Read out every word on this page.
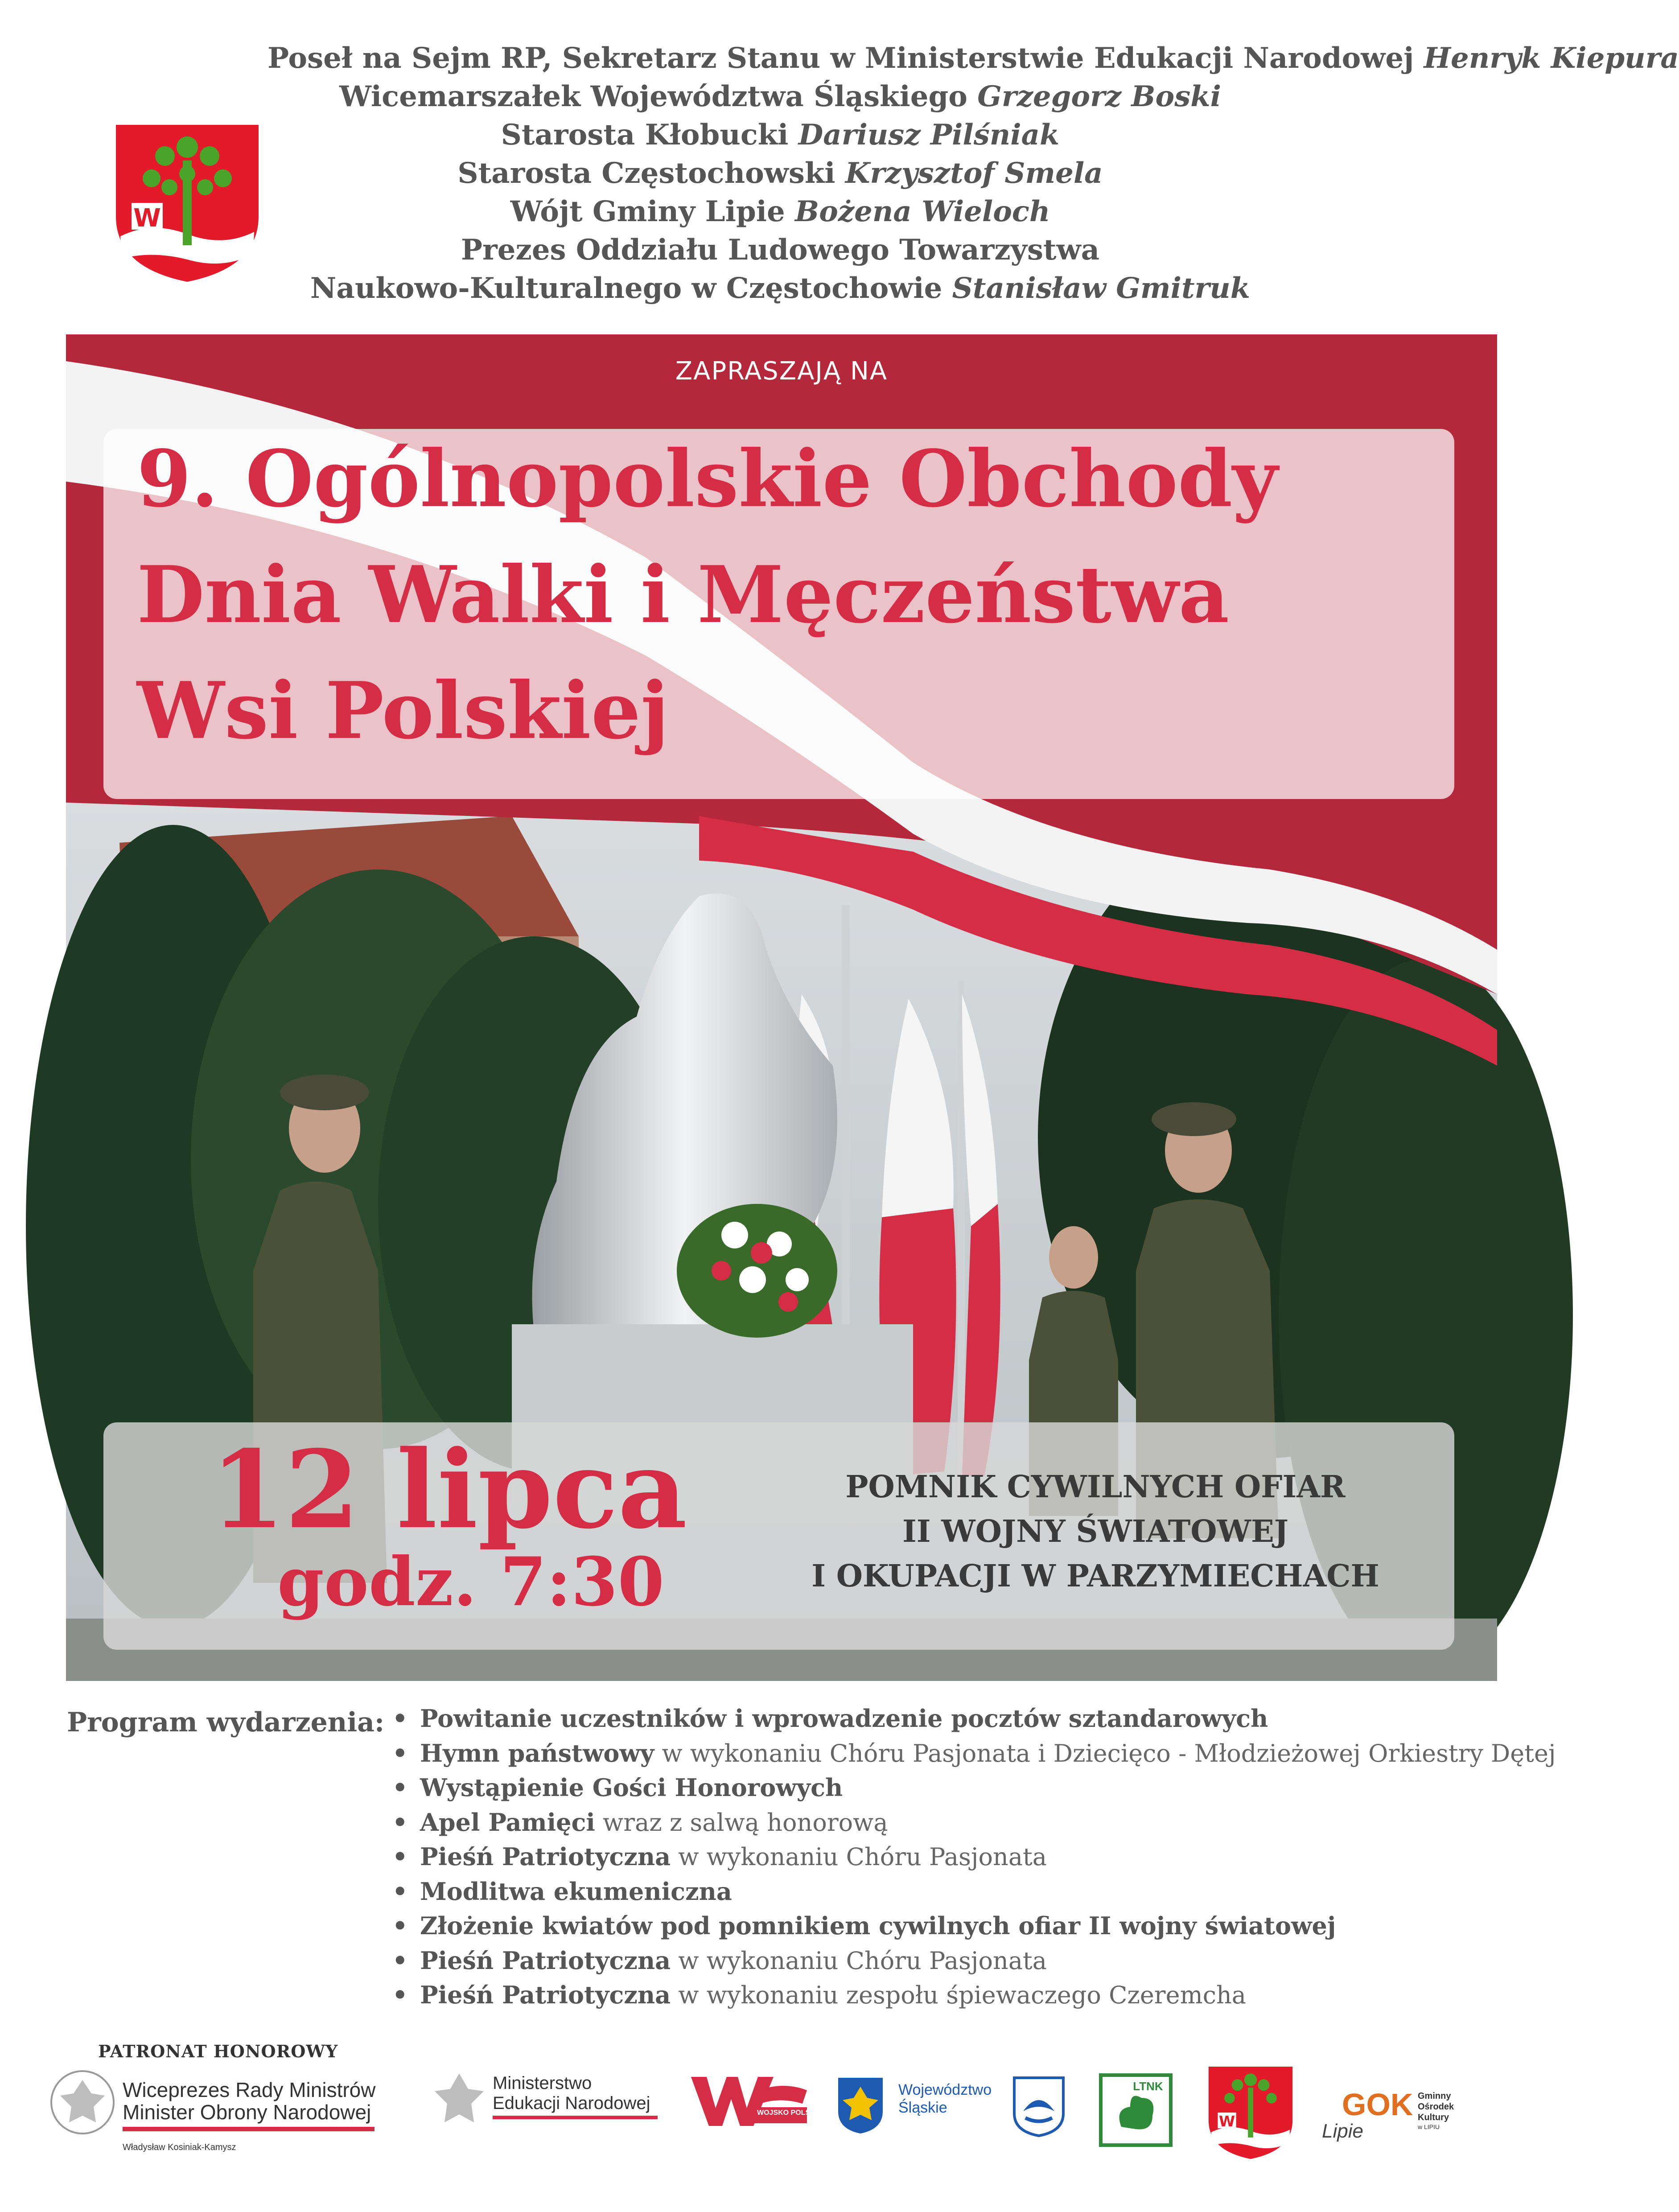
W
Poseł na Sejm RP, Sekretarz Stanu w Ministerstwie Edukacji Narodowej Henryk Kiepura
Wicemarszałek Województwa Śląskiego Grzegorz Boski
Starosta Kłobucki Dariusz Pilśniak
Starosta Częstochowski Krzysztof Smela
Wójt Gminy Lipie Bożena Wieloch
Prezes Oddziału Ludowego Towarzystwa
Naukowo-Kulturalnego w Częstochowie Stanisław Gmitruk
ZAPRASZAJĄ NA
9. Ogólnopolskie Obchody
Dnia Walki i Męczeństwa
Wsi Polskiej
12 lipca
godz. 7:30
POMNIK CYWILNYCH OFIAR
II WOJNY ŚWIATOWEJ
I OKUPACJI W PARZYMIECHACH
Program wydarzenia: • Powitanie uczestników i wprowadzenie pocztów sztandarowych
• Hymn państwowy w wykonaniu Chóru Pasjonata i Dziecięco - Młodzieżowej Orkiestry Dętej
• Wystąpienie Gości Honorowych
• Apel Pamięci wraz z salwą honorową
• Pieśń Patriotyczna w wykonaniu Chóru Pasjonata
• Modlitwa ekumeniczna
• Złożenie kwiatów pod pomnikiem cywilnych ofiar II wojny światowej
• Pieśń Patriotyczna w wykonaniu Chóru Pasjonata
• Pieśń Patriotyczna w wykonaniu zespołu śpiewaczego Czeremcha
PATRONAT HONOROWY
Wiceprezes Rady Ministrów
Minister Obrony Narodowej
Władysław Kosiniak-Kamysz
Ministerstwo
Edukacji Narodowej	WOJSKO POLSKIE
Województwo
Śląskie
LTNK
W	GOK
Lipie
Gminny
Ośrodek
Kultury
w LIPIU
